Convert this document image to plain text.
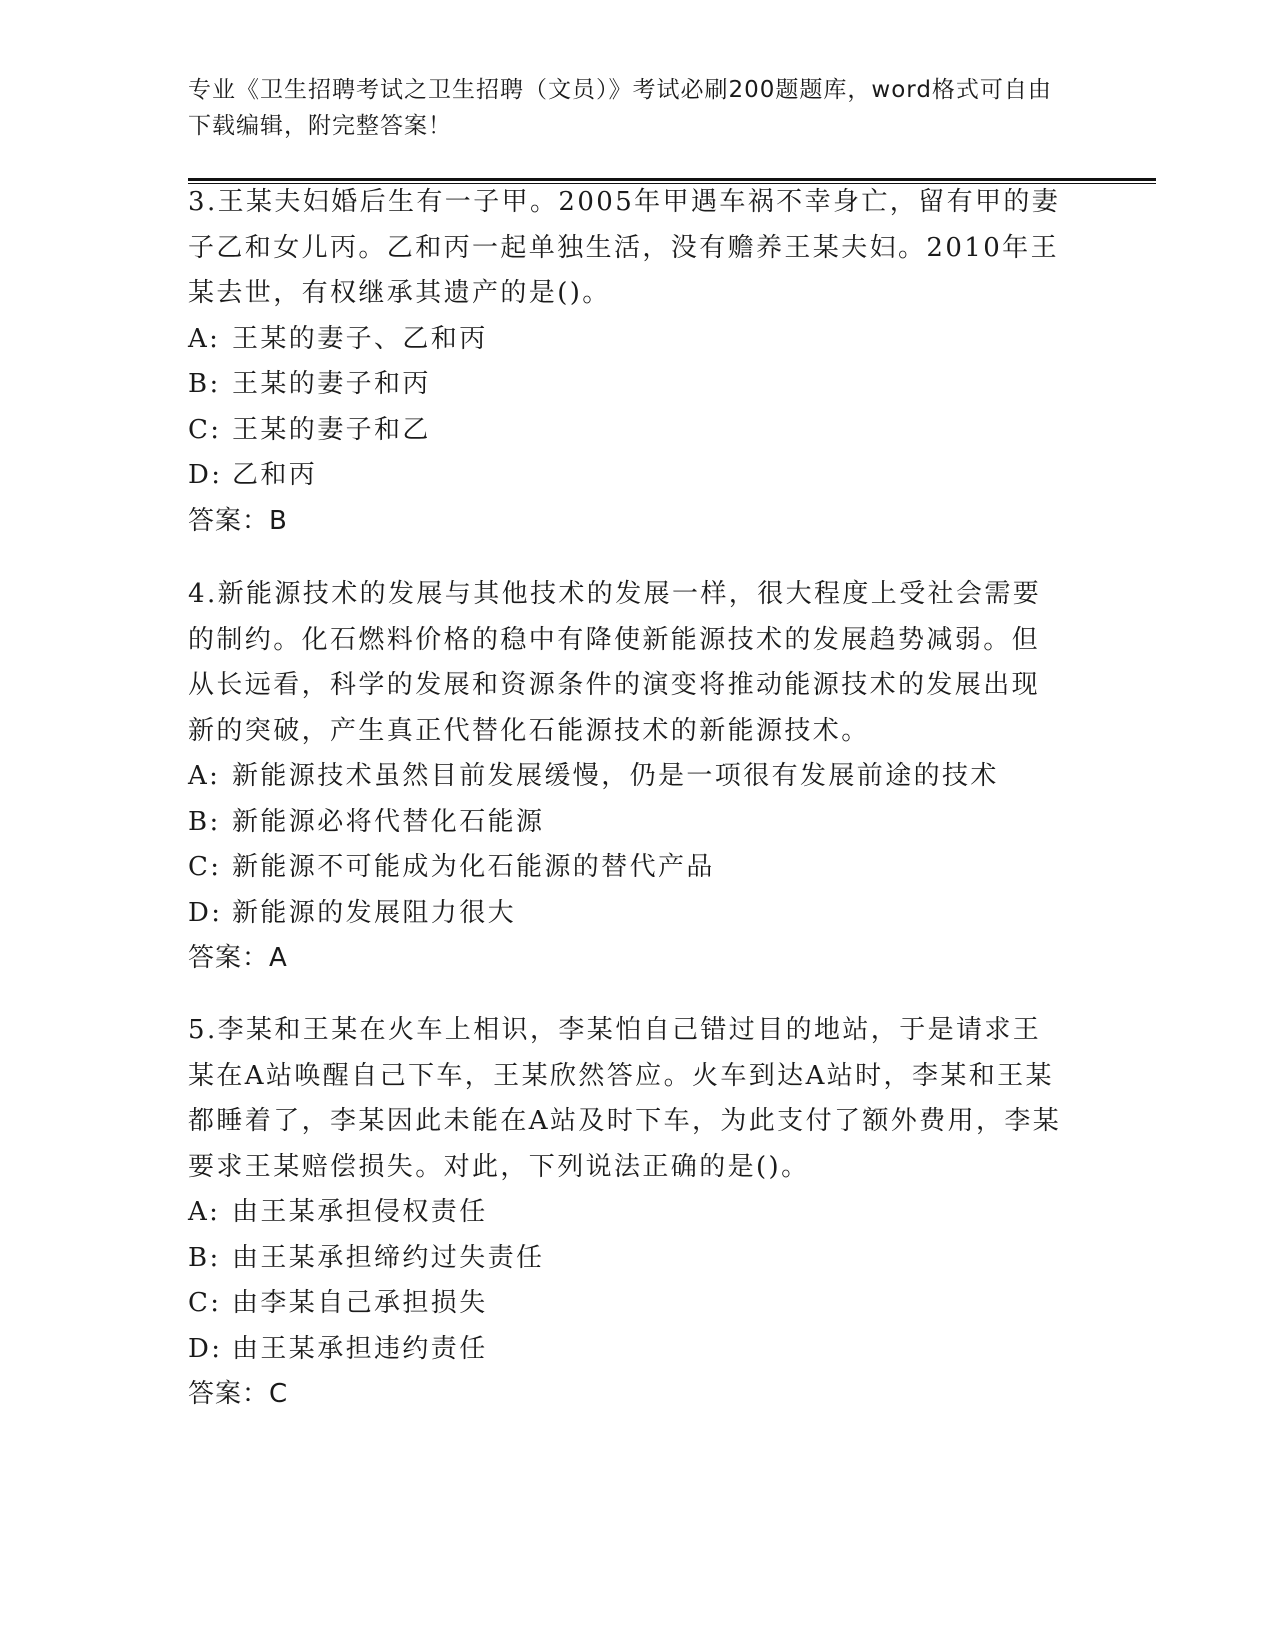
专业《卫生招聘考试之卫生招聘（文员）》考试必刷200题题库，word格式可自由下载编辑，附完整答案！

3.王某夫妇婚后生有一子甲。2005年甲遇车祸不幸身亡，留有甲的妻子乙和女儿丙。乙和丙一起单独生活，没有赡养王某夫妇。2010年王某去世，有权继承其遗产的是()。

A: 王某的妻子、乙和丙

B: 王某的妻子和丙

C: 王某的妻子和乙

D: 乙和丙

答案：B

4.新能源技术的发展与其他技术的发展一样，很大程度上受社会需要的制约。化石燃料价格的稳中有降使新能源技术的发展趋势减弱。但从长远看，科学的发展和资源条件的演变将推动能源技术的发展出现新的突破，产生真正代替化石能源技术的新能源技术。

A: 新能源技术虽然目前发展缓慢，仍是一项很有发展前途的技术

B: 新能源必将代替化石能源

C: 新能源不可能成为化石能源的替代产品

D: 新能源的发展阻力很大

答案：A

5.李某和王某在火车上相识，李某怕自己错过目的地站，于是请求王某在A站唤醒自己下车，王某欣然答应。火车到达A站时，李某和王某都睡着了，李某因此未能在A站及时下车，为此支付了额外费用，李某要求王某赔偿损失。对此，下列说法正确的是()。

A: 由王某承担侵权责任

B: 由王某承担缔约过失责任

C: 由李某自己承担损失

D: 由王某承担违约责任

答案：C
